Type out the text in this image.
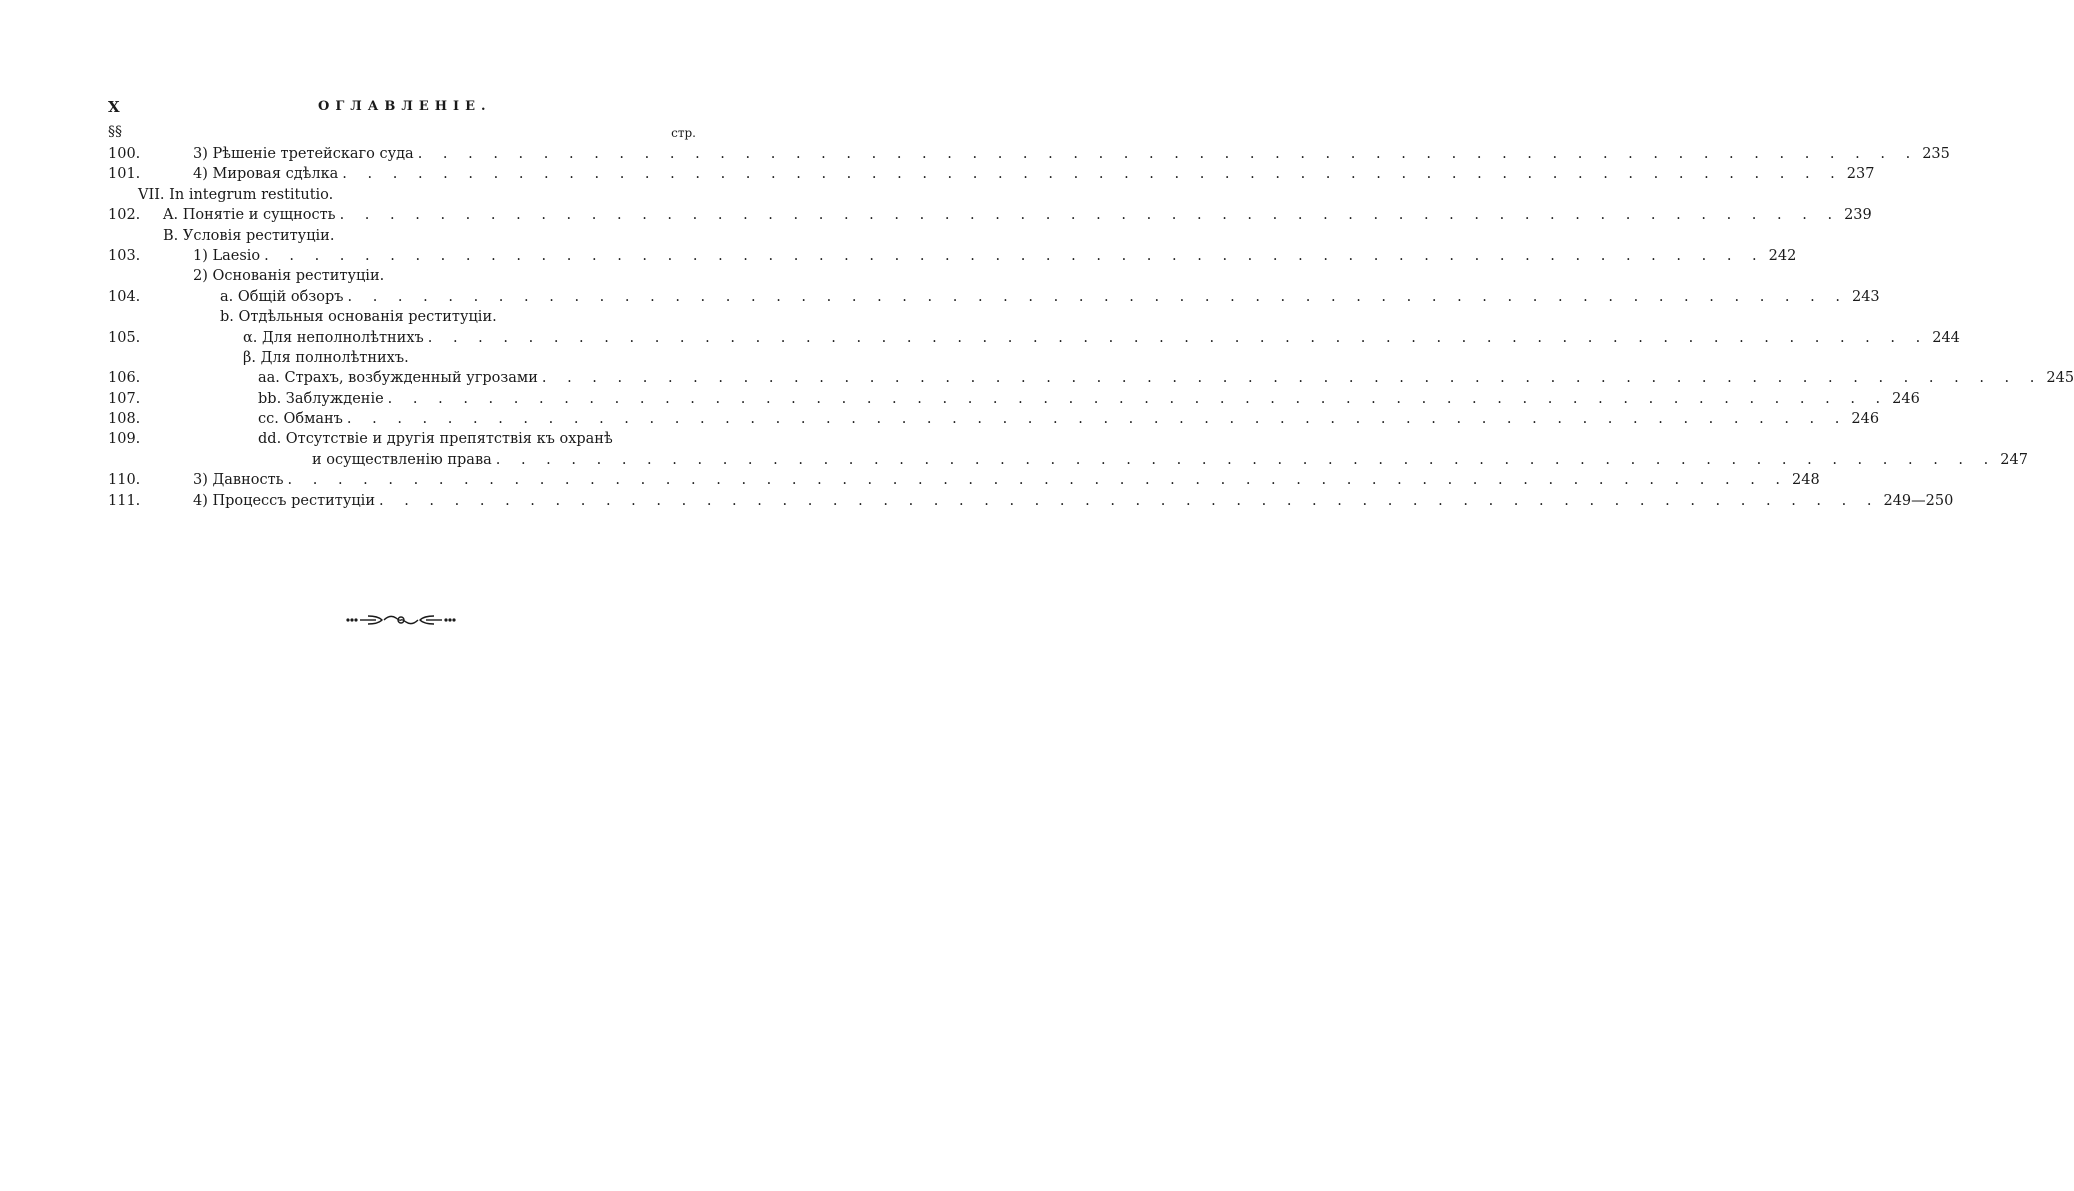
X	ОГЛАВЛЕНІЕ.
§§	стр.
100.	3) Рѣшеніе третейскаго суда . . . . . . . . . . . . . . . . . . . . . . . . . . . . . . . . . . . . . . . . . . . . . . . . . . . . . . . . . . . . 235
101.	4) Мировая сдѣлка . . . . . . . . . . . . . . . . . . . . . . . . . . . . . . . . . . . . . . . . . . . . . . . . . . . . . . . . . . . . 237
VII. In integrum restitutio.
102. A. Понятіе и сущность . . . . . . . . . . . . . . . . . . . . . . . . . . . . . . . . . . . . . . . . . . . . . . . . . . . . . . . . . . . . 239
B. Условія реституціи.
103.	1) Laesio . . . . . . . . . . . . . . . . . . . . . . . . . . . . . . . . . . . . . . . . . . . . . . . . . . . . . . . . . . . . 242
2) Основанія реституціи.
104.	a. Общій обзоръ . . . . . . . . . . . . . . . . . . . . . . . . . . . . . . . . . . . . . . . . . . . . . . . . . . . . . . . . . . . . 243
b. Отдѣльныя основанія реституціи.
105.	α. Для неполнолѣтнихъ . . . . . . . . . . . . . . . . . . . . . . . . . . . . . . . . . . . . . . . . . . . . . . . . . . . . . . . . . . . . 244
β. Для полнолѣтнихъ.
106.	aa. Страхъ, возбужденный угрозами . . . . . . . . . . . . . . . . . . . . . . . . . . . . . . . . . . . . . . . . . . . . . . . . . . . . . . . . . . . . 245
107.	bb. Заблужденіе . . . . . . . . . . . . . . . . . . . . . . . . . . . . . . . . . . . . . . . . . . . . . . . . . . . . . . . . . . . . 246
108.	cc. Обманъ . . . . . . . . . . . . . . . . . . . . . . . . . . . . . . . . . . . . . . . . . . . . . . . . . . . . . . . . . . . . 246
109.	dd. Отсутствіе и другія препятствія къ охранѣ
и осуществленію права . . . . . . . . . . . . . . . . . . . . . . . . . . . . . . . . . . . . . . . . . . . . . . . . . . . . . . . . . . . . 247
110.	3) Давность . . . . . . . . . . . . . . . . . . . . . . . . . . . . . . . . . . . . . . . . . . . . . . . . . . . . . . . . . . . . 248
111.	4) Процессъ реституціи . . . . . . . . . . . . . . . . . . . . . . . . . . . . . . . . . . . . . . . . . . . . . . . . . . . . . . . . . . . . 249—250
